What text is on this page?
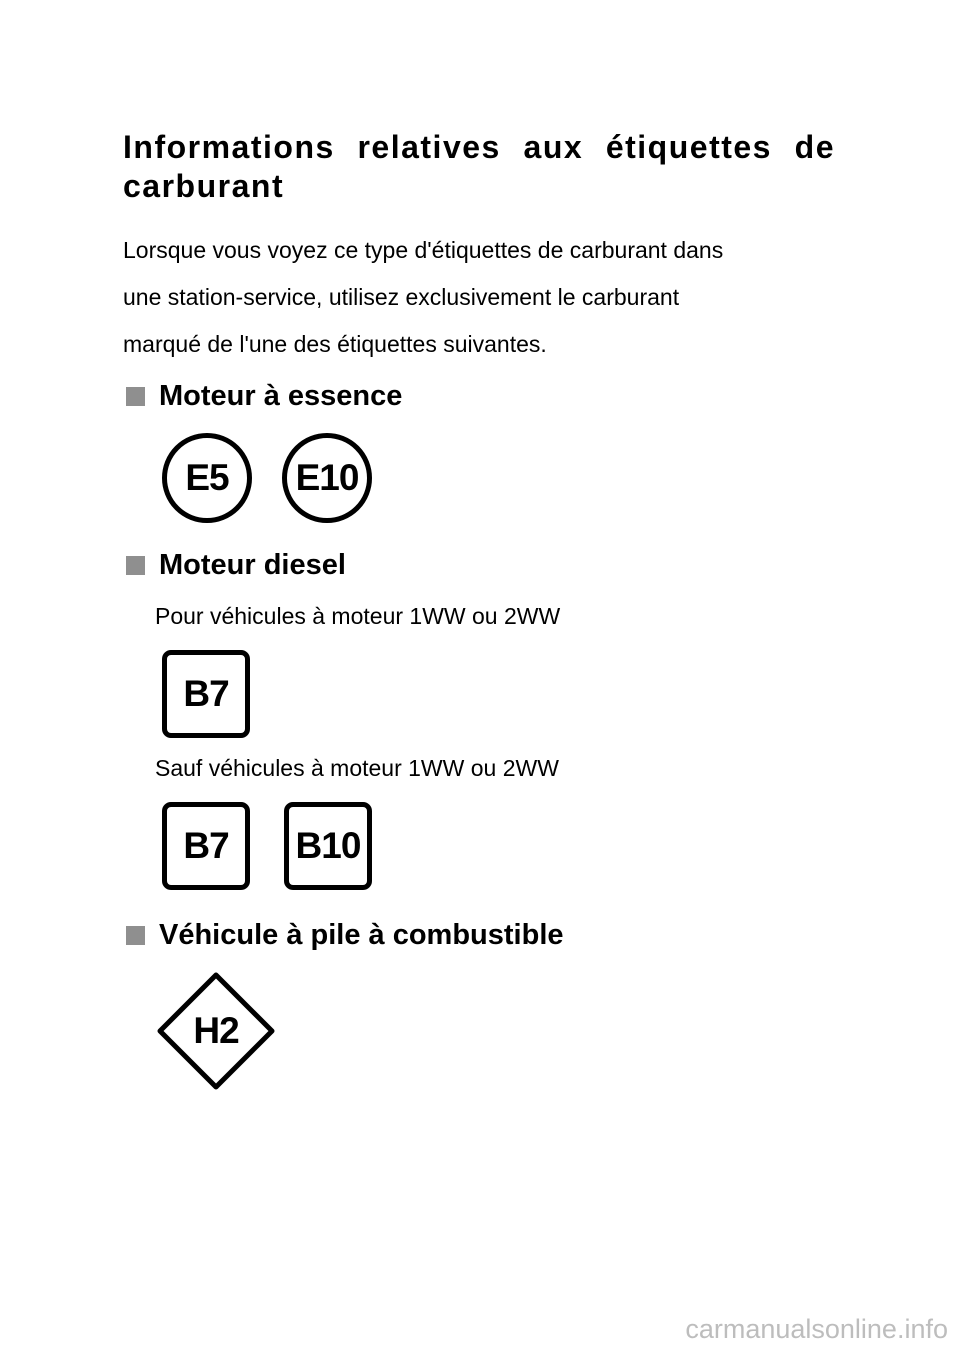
Informations relatives aux étiquettes de carburant

Lorsque vous voyez ce type d'étiquettes de carburant dans
une station-service, utilisez exclusivement le carburant
marqué de l'une des étiquettes suivantes.

Moteur à essence
E5 E10
Moteur diesel

Pour véhicules à moteur 1WW ou 2WW

B7

Sauf véhicules à moteur 1WW ou 2WW

B7 B10
Véhicule à pile à combustible
H2
carmanualsonline.info
